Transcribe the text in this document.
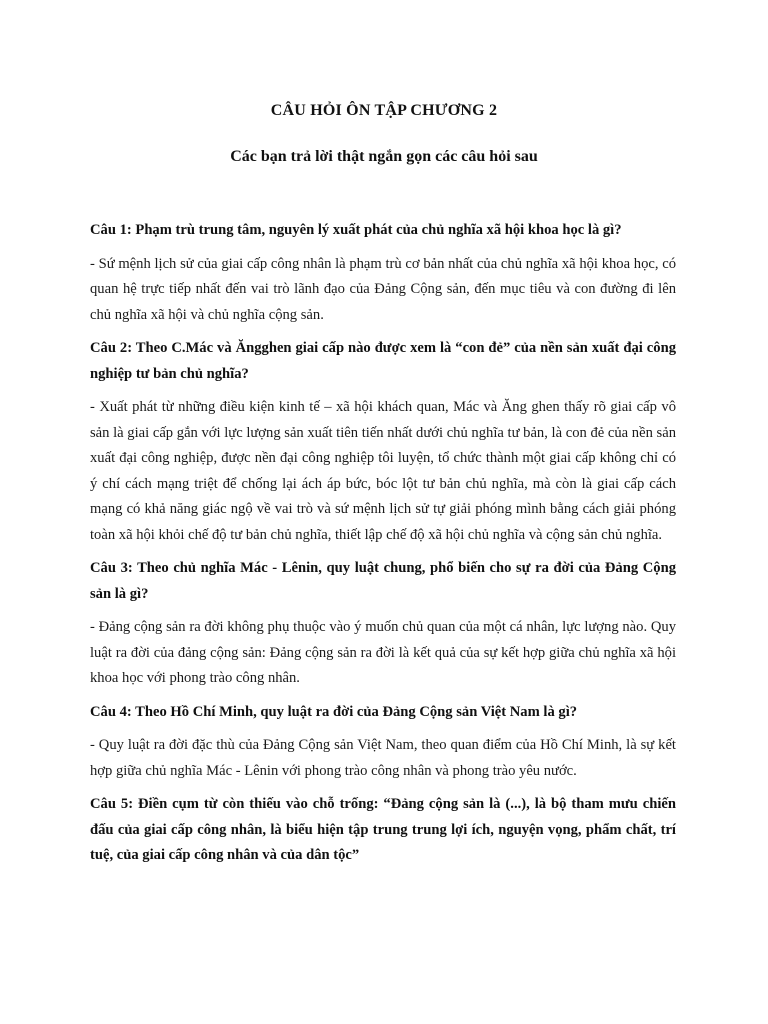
CÂU HỎI ÔN TẬP CHƯƠNG 2
Các bạn trả lời thật ngắn gọn các câu hỏi sau

Câu 1: Phạm trù trung tâm, nguyên lý xuất phát của chủ nghĩa xã hội khoa học là gì?

- Sứ mệnh lịch sử của giai cấp công nhân là phạm trù cơ bản nhất của chủ nghĩa xã hội khoa học, có quan hệ trực tiếp nhất đến vai trò lãnh đạo của Đảng Cộng sản, đến mục tiêu và con đường đi lên chủ nghĩa xã hội và chủ nghĩa cộng sản.

Câu 2: Theo C.Mác và Ăngghen giai cấp nào được xem là “con đẻ” của nền sản xuất đại công nghiệp tư bản chủ nghĩa?

- Xuất phát từ những điều kiện kinh tế – xã hội khách quan, Mác và Ăng ghen thấy rõ giai cấp vô sản là giai cấp gắn với lực lượng sản xuất tiên tiến nhất dưới chủ nghĩa tư bản, là con đẻ của nền sản xuất đại công nghiệp, được nền đại công nghiệp tôi luyện, tổ chức thành một giai cấp không chỉ có ý chí cách mạng triệt để chống lại ách áp bức, bóc lột tư bản chủ nghĩa, mà còn là giai cấp cách mạng có khả năng giác ngộ về vai trò và sứ mệnh lịch sử tự giải phóng mình bằng cách giải phóng toàn xã hội khỏi chế độ tư bản chủ nghĩa, thiết lập chế độ xã hội chủ nghĩa và cộng sản chủ nghĩa.

Câu 3: Theo chủ nghĩa Mác - Lênin, quy luật chung, phổ biến cho sự ra đời của Đảng Cộng sản là gì?

- Đảng cộng sản ra đời không phụ thuộc vào ý muốn chủ quan của một cá nhân, lực lượng nào. Quy luật ra đời của đảng cộng sản: Đảng cộng sản ra đời là kết quả của sự kết hợp giữa chủ nghĩa xã hội khoa học với phong trào công nhân.

Câu 4: Theo Hồ Chí Minh, quy luật ra đời của Đảng Cộng sản Việt Nam là gì?

- Quy luật ra đời đặc thù của Đảng Cộng sản Việt Nam, theo quan điểm của Hồ Chí Minh, là sự kết hợp giữa chủ nghĩa Mác - Lênin với phong trào công nhân và phong trào yêu nước.

Câu 5: Điền cụm từ còn thiếu vào chỗ trống: “Đảng cộng sản là (...), là bộ tham mưu chiến đấu của giai cấp công nhân, là biểu hiện tập trung trung lợi ích, nguyện vọng, phẩm chất, trí tuệ, của giai cấp công nhân và của dân tộc”
